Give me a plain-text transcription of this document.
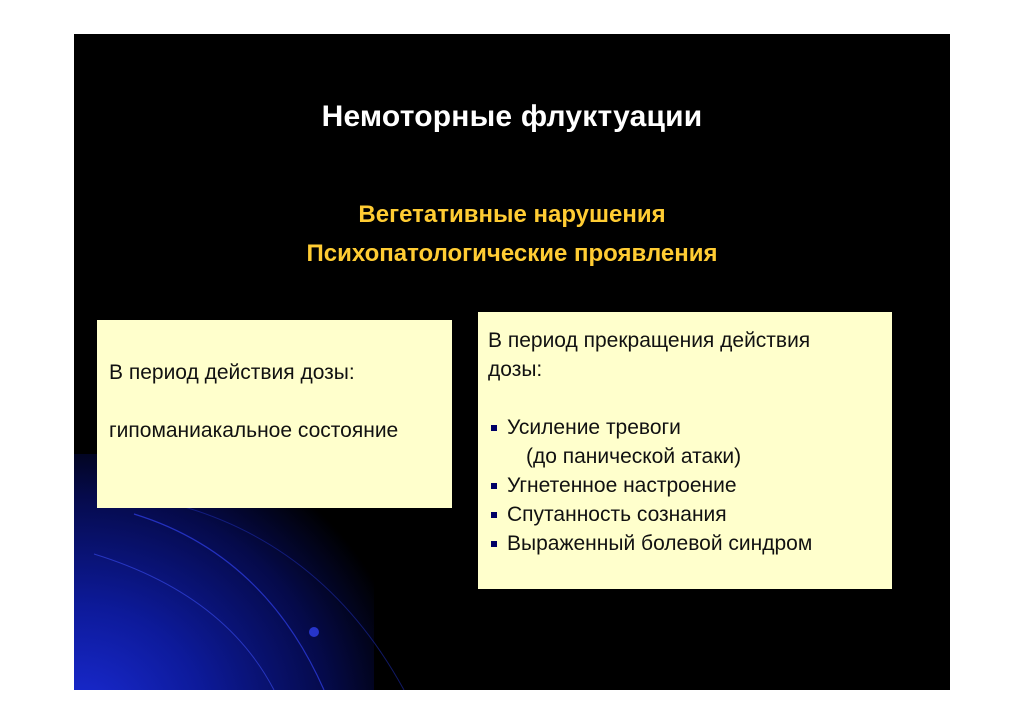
Немоторные флуктуации
Вегетативные нарушения
Психопатологические проявления
В период действия дозы:
гипоманиакальное состояние
В период прекращения действия
дозы:
Усиление тревоги
(до панической атаки)
Угнетенное настроение
Спутанность сознания
Выраженный болевой синдром
